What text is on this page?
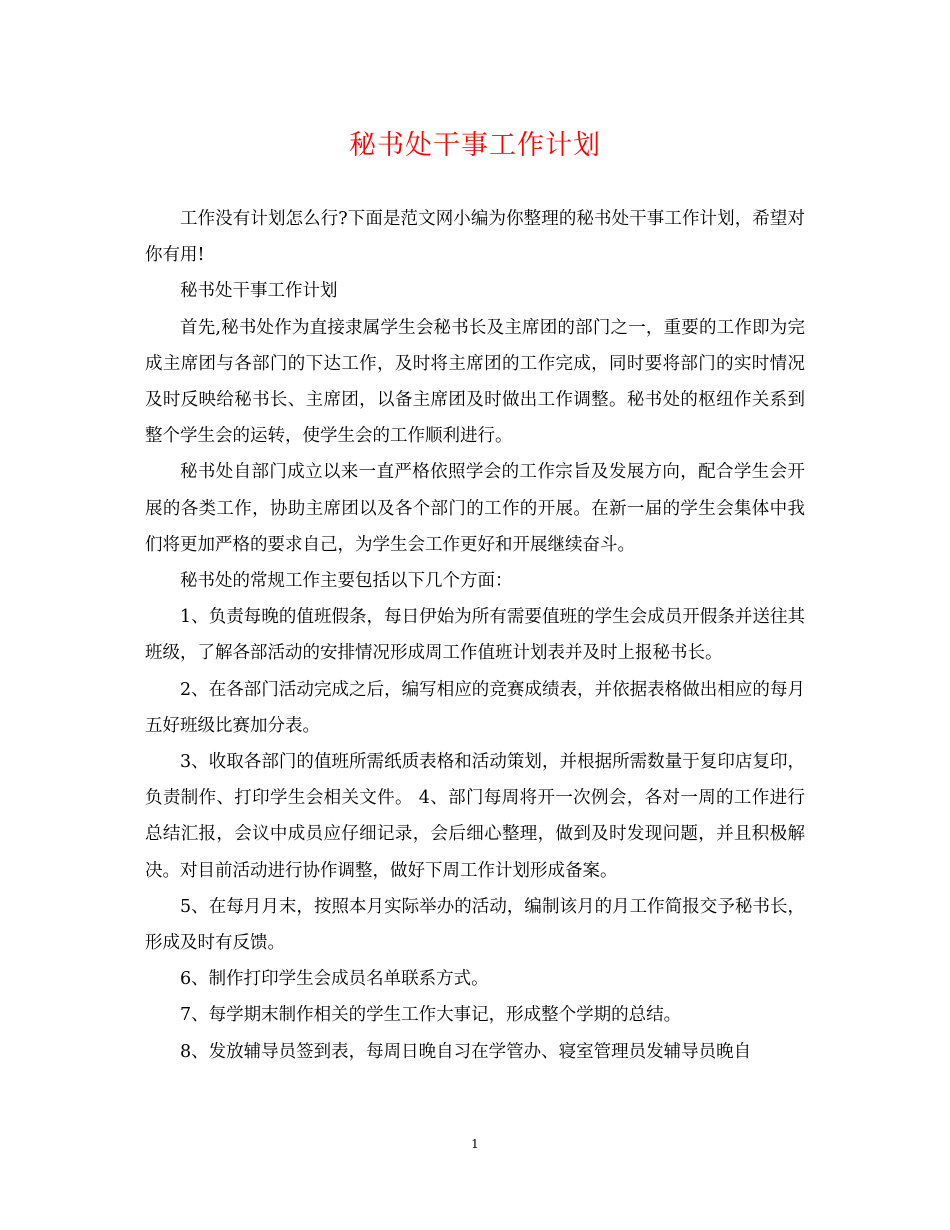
秘书处干事工作计划

工作没有计划怎么行?下面是范文网小编为你整理的秘书处干事工作计划，希望对你有用!

秘书处干事工作计划

首先,秘书处作为直接隶属学生会秘书长及主席团的部门之一，重要的工作即为完成主席团与各部门的下达工作，及时将主席团的工作完成，同时要将部门的实时情况及时反映给秘书长、主席团，以备主席团及时做出工作调整。秘书处的枢纽作关系到整个学生会的运转，使学生会的工作顺利进行。

秘书处自部门成立以来一直严格依照学会的工作宗旨及发展方向，配合学生会开展的各类工作，协助主席团以及各个部门的工作的开展。在新一届的学生会集体中我们将更加严格的要求自己，为学生会工作更好和开展继续奋斗。

秘书处的常规工作主要包括以下几个方面：

1、负责每晚的值班假条，每日伊始为所有需要值班的学生会成员开假条并送往其班级，了解各部活动的安排情况形成周工作值班计划表并及时上报秘书长。

2、在各部门活动完成之后，编写相应的竞赛成绩表，并依据表格做出相应的每月五好班级比赛加分表。

3、收取各部门的值班所需纸质表格和活动策划，并根据所需数量于复印店复印，负责制作、打印学生会相关文件。 4、部门每周将开一次例会，各对一周的工作进行总结汇报，会议中成员应仔细记录，会后细心整理，做到及时发现问题，并且积极解决。对目前活动进行协作调整，做好下周工作计划形成备案。

5、在每月月末，按照本月实际举办的活动，编制该月的月工作简报交予秘书长，形成及时有反馈。

6、制作打印学生会成员名单联系方式。

7、每学期末制作相关的学生工作大事记，形成整个学期的总结。

8、发放辅导员签到表，每周日晚自习在学管办、寝室管理员发辅导员晚自

1
